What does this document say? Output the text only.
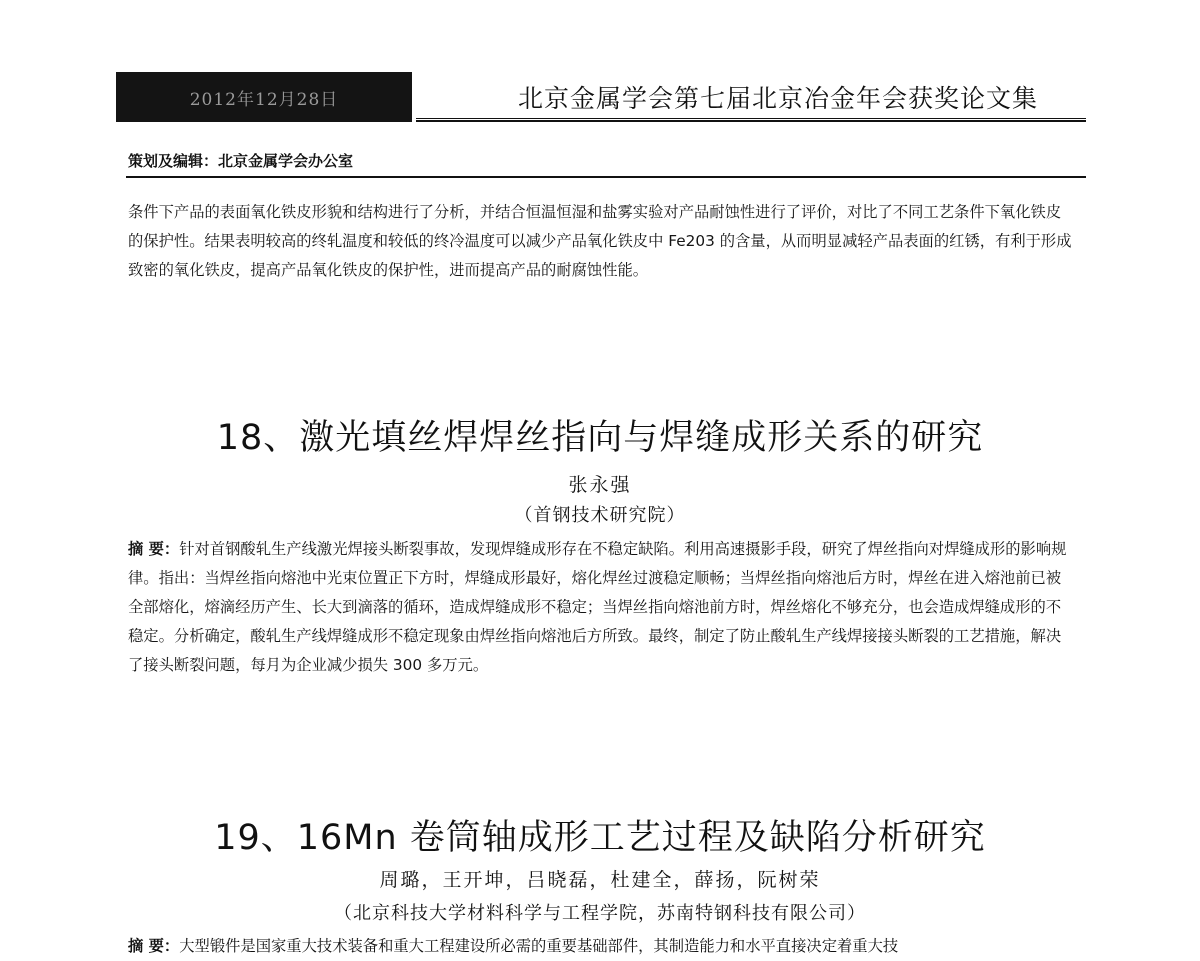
2012年12月28日	北京金属学会第七届北京冶金年会获奖论文集
策划及编辑：北京金属学会办公室
条件下产品的表面氧化铁皮形貌和结构进行了分析，并结合恒温恒湿和盐雾实验对产品耐蚀性进行了评价，对比了不同工艺条件下氧化铁皮的保护性。结果表明较高的终轧温度和较低的终冷温度可以减少产品氧化铁皮中 Fe203 的含量，从而明显减轻产品表面的红锈，有利于形成致密的氧化铁皮，提高产品氧化铁皮的保护性，进而提高产品的耐腐蚀性能。
18、激光填丝焊焊丝指向与焊缝成形关系的研究
张永强
（首钢技术研究院）
摘 要：针对首钢酸轧生产线激光焊接头断裂事故，发现焊缝成形存在不稳定缺陷。利用高速摄影手段，研究了焊丝指向对焊缝成形的影响规律。指出：当焊丝指向熔池中光束位置正下方时，焊缝成形最好，熔化焊丝过渡稳定顺畅；当焊丝指向熔池后方时，焊丝在进入熔池前已被全部熔化，熔滴经历产生、长大到滴落的循环，造成焊缝成形不稳定；当焊丝指向熔池前方时，焊丝熔化不够充分，也会造成焊缝成形的不稳定。分析确定，酸轧生产线焊缝成形不稳定现象由焊丝指向熔池后方所致。最终，制定了防止酸轧生产线焊接接头断裂的工艺措施，解决了接头断裂问题，每月为企业减少损失 300 多万元。
19、16Mn 卷筒轴成形工艺过程及缺陷分析研究
周璐，王开坤，吕晓磊，杜建全，薛扬，阮树荣
（北京科技大学材料科学与工程学院，苏南特钢科技有限公司）
摘 要：大型锻件是国家重大技术装备和重大工程建设所必需的重要基础部件，其制造能力和水平直接决定着重大技
